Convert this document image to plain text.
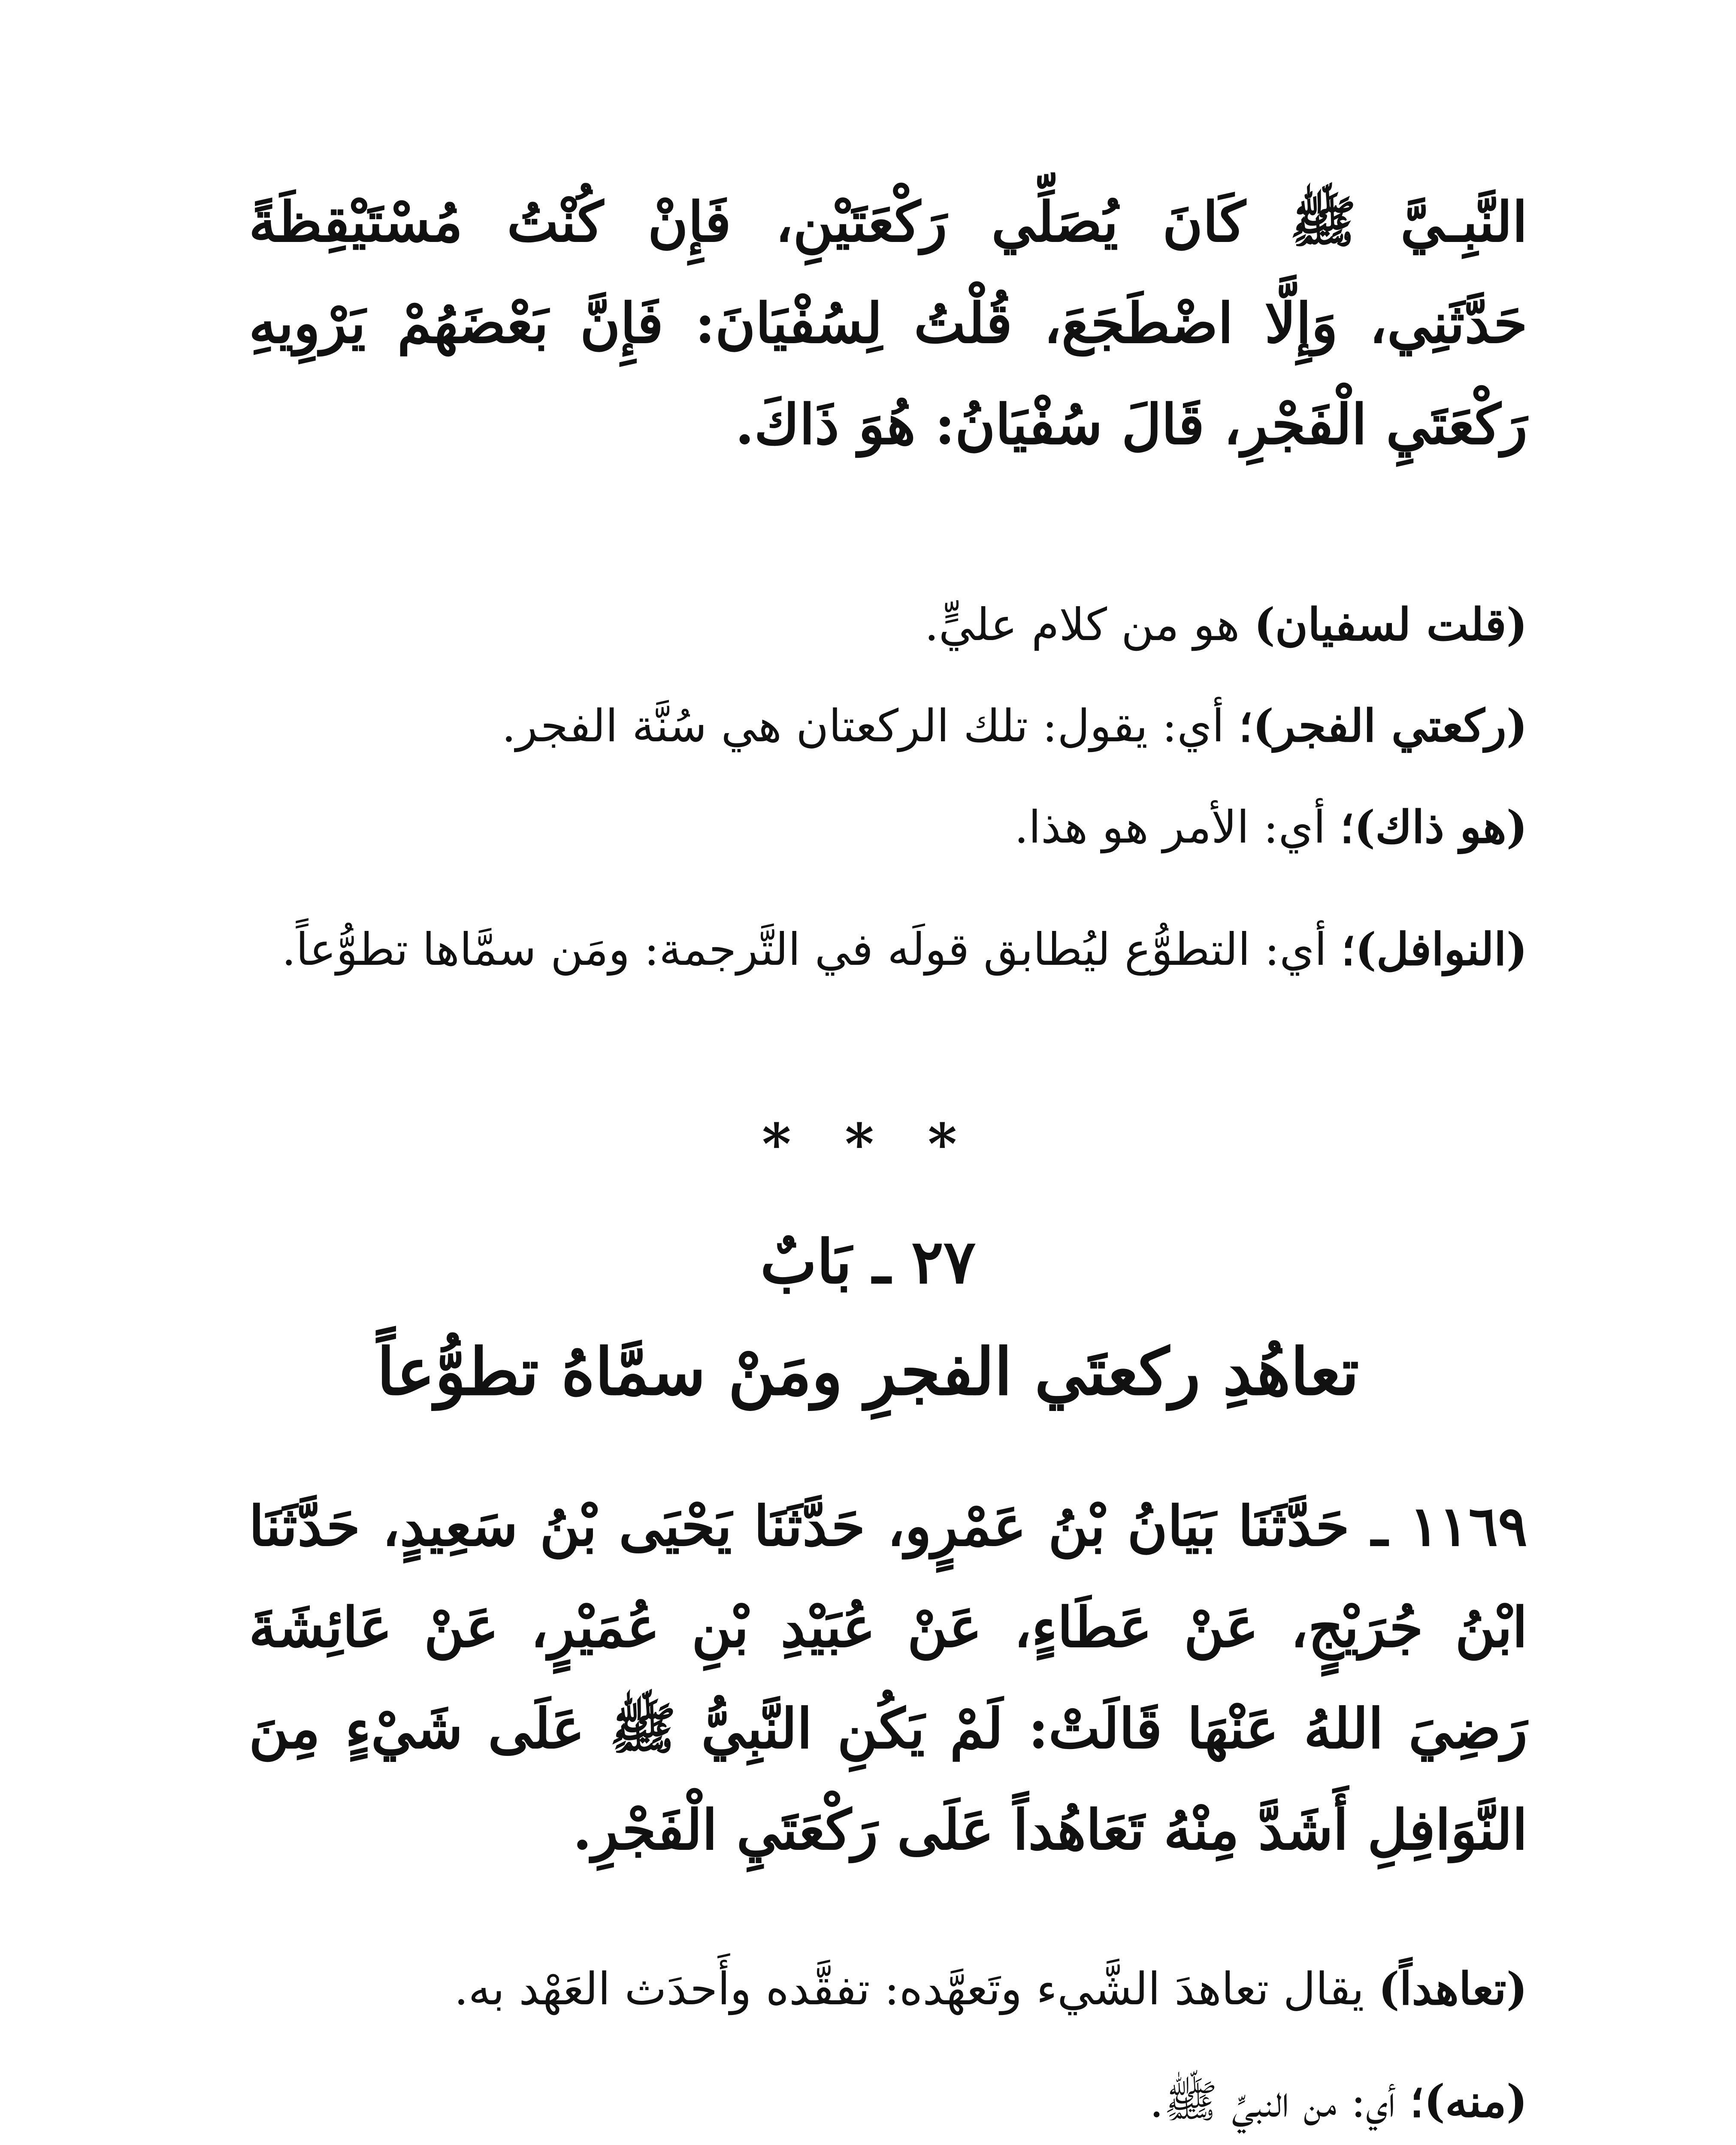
النَّبِـيَّ ﷺ كَانَ يُصَلِّي رَكْعَتَيْنِ، فَإِنْ كُنْتُ مُسْتَيْقِظَةً حَدَّثَنِي، وَإِلَّا اضْطَجَعَ، قُلْتُ لِسُفْيَانَ: فَإِنَّ بَعْضَهُمْ يَرْوِيهِ رَكْعَتَيِ الْفَجْرِ، قَالَ سُفْيَانُ: هُوَ ذَاكَ.

(قلت لسفيان) هو من كلام عليٍّ.

(ركعتي الفجر)؛ أي: يقول: تلك الركعتان هي سُنَّة الفجر.

(هو ذاك)؛ أي: الأمر هو هذا.

(النوافل)؛ أي: التطوُّع ليُطابق قولَه في التَّرجمة: ومَن سمَّاها تطوُّعاً.

* * *
٢٧ ـ بَابٌ
تعاهُدِ ركعتَي الفجرِ ومَنْ سمَّاهُ تطوُّعاً

١١٦٩ ـ حَدَّثَنَا بَيَانُ بْنُ عَمْرٍو، حَدَّثَنَا يَحْيَى بْنُ سَعِيدٍ، حَدَّثَنَا ابْنُ جُرَيْجٍ، عَنْ عَطَاءٍ، عَنْ عُبَيْدِ بْنِ عُمَيْرٍ، عَنْ عَائِشَةَ رَضِيَ اللهُ عَنْهَا قَالَتْ: لَمْ يَكُنِ النَّبِيُّ ﷺ عَلَى شَيْءٍ مِنَ النَّوَافِلِ أَشَدَّ مِنْهُ تَعَاهُداً عَلَى رَكْعَتَيِ الْفَجْرِ.

(تعاهداً) يقال تعاهدَ الشَّيء وتَعهَّده: تفقَّده وأَحدَث العَهْد به.

(منه)؛ أي: من النبيِّ ﷺ.
